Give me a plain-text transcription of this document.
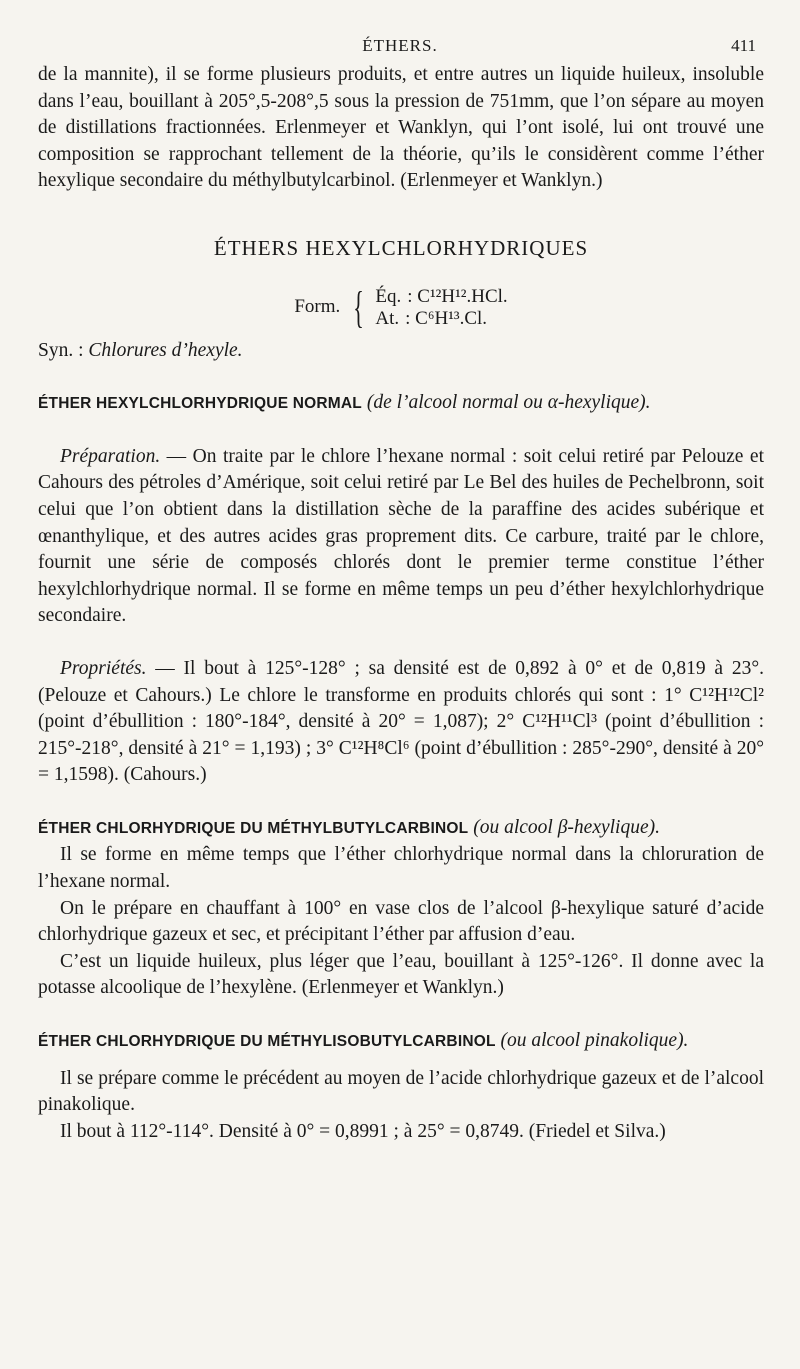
ÉTHERS.	411

de la mannite), il se forme plusieurs produits, et entre autres un liquide huileux, insoluble dans l’eau, bouillant à 205°,5-208°,5 sous la pression de 751mm, que l’on sépare au moyen de distillations fractionnées. Erlenmeyer et Wanklyn, qui l’ont isolé, lui ont trouvé une composition se rapprochant tellement de la théorie, qu’ils le considèrent comme l’éther hexylique secondaire du méthylbutylcarbinol. (Erlenmeyer et Wanklyn.)

ÉTHERS HEXYLCHLORHYDRIQUES
Form. { Éq. : C¹²H¹².HCl.
At. : C⁶H¹³.Cl.

Syn. : Chlorures d’hexyle.

ÉTHER HEXYLCHLORHYDRIQUE NORMAL (de l’alcool normal ou α-hexylique).

Préparation. — On traite par le chlore l’hexane normal : soit celui retiré par Pelouze et Cahours des pétroles d’Amérique, soit celui retiré par Le Bel des huiles de Pechelbronn, soit celui que l’on obtient dans la distillation sèche de la paraffine des acides subérique et œnanthylique, et des autres acides gras proprement dits. Ce carbure, traité par le chlore, fournit une série de composés chlorés dont le premier terme constitue l’éther hexylchlorhydrique normal. Il se forme en même temps un peu d’éther hexylchlorhydrique secondaire.

Propriétés. — Il bout à 125°-128° ; sa densité est de 0,892 à 0° et de 0,819 à 23°. (Pelouze et Cahours.) Le chlore le transforme en produits chlorés qui sont : 1° C¹²H¹²Cl² (point d’ébullition : 180°-184°, densité à 20° = 1,087); 2° C¹²H¹¹Cl³ (point d’ébullition : 215°-218°, densité à 21° = 1,193) ; 3° C¹²H⁸Cl⁶ (point d’ébullition : 285°-290°, densité à 20° = 1,1598). (Cahours.)

ÉTHER CHLORHYDRIQUE DU MÉTHYLBUTYLCARBINOL (ou alcool β-hexylique).

Il se forme en même temps que l’éther chlorhydrique normal dans la chloruration de l’hexane normal.

On le prépare en chauffant à 100° en vase clos de l’alcool β-hexylique saturé d’acide chlorhydrique gazeux et sec, et précipitant l’éther par affusion d’eau.

C’est un liquide huileux, plus léger que l’eau, bouillant à 125°-126°. Il donne avec la potasse alcoolique de l’hexylène. (Erlenmeyer et Wanklyn.)

ÉTHER CHLORHYDRIQUE DU MÉTHYLISOBUTYLCARBINOL (ou alcool pinakolique).

Il se prépare comme le précédent au moyen de l’acide chlorhydrique gazeux et de l’alcool pinakolique.

Il bout à 112°-114°. Densité à 0° = 0,8991 ; à 25° = 0,8749. (Friedel et Silva.)
